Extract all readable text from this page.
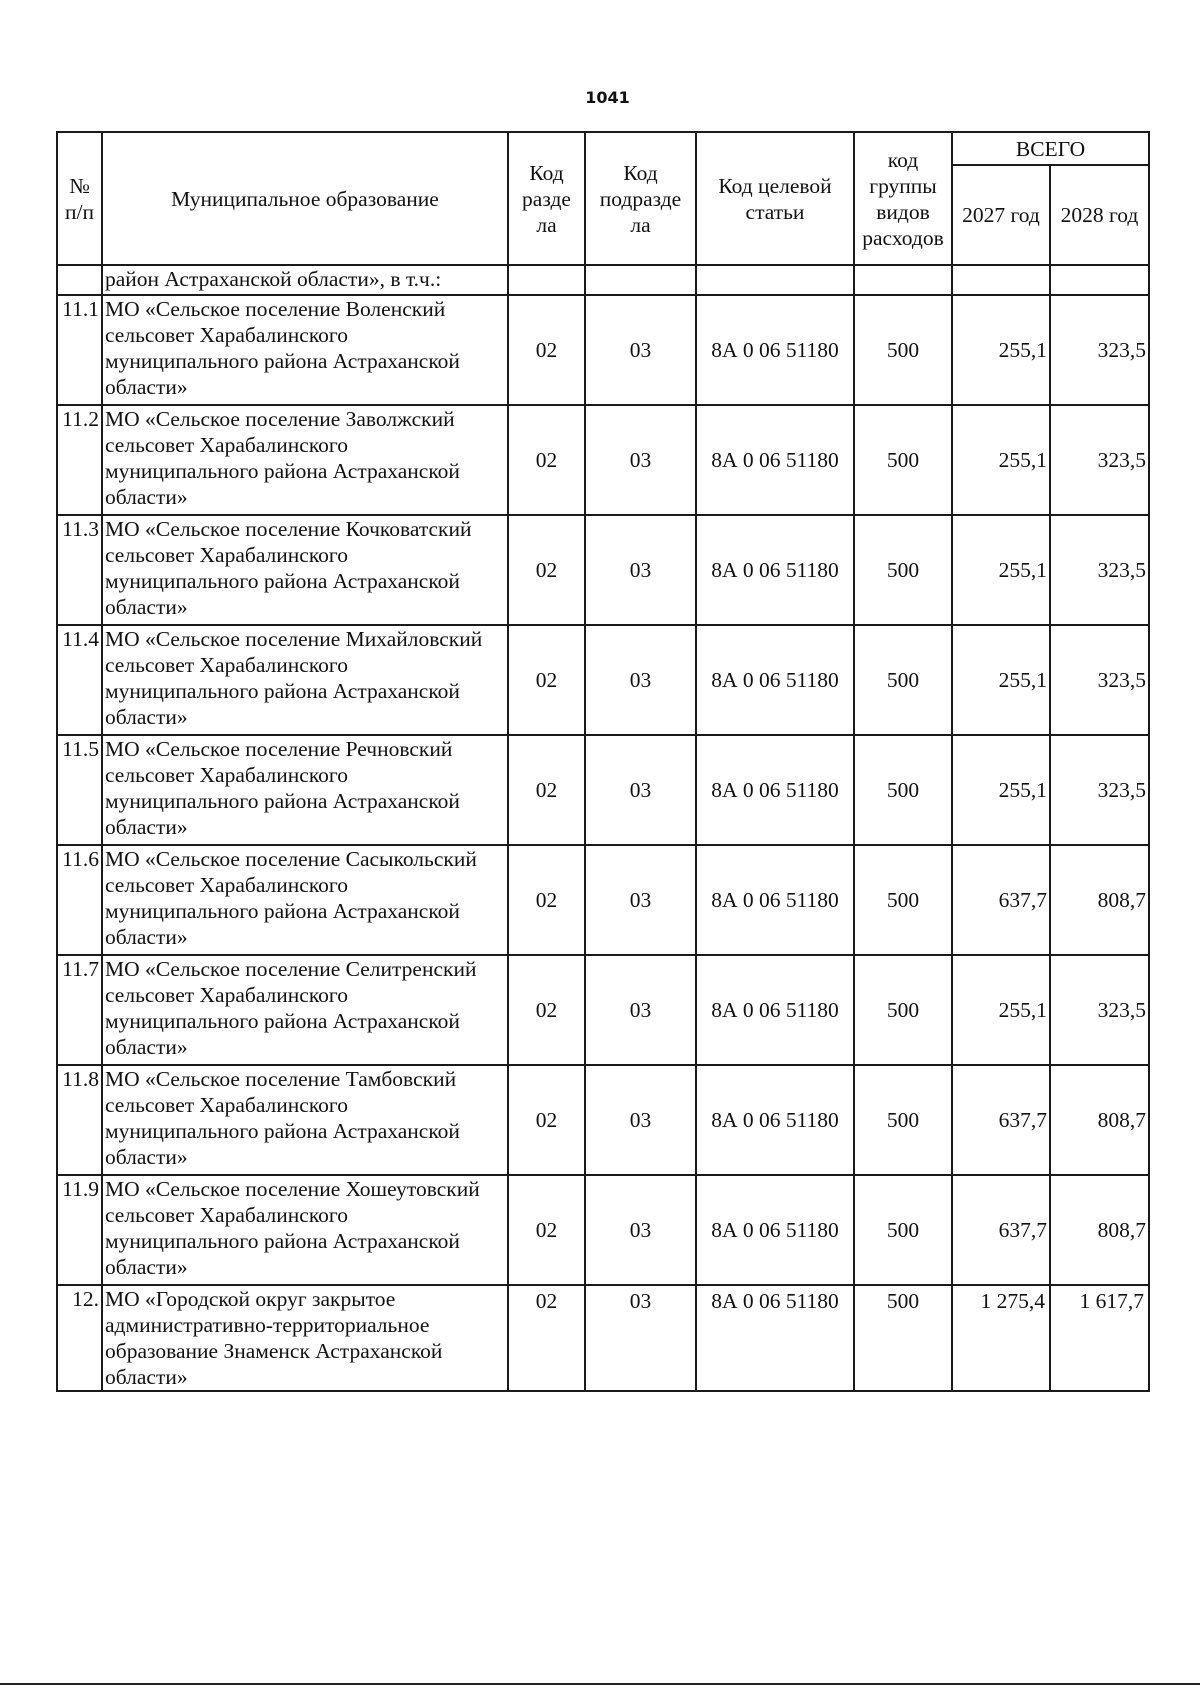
1041
№ п/п	Муниципальное образование	Код разде ла	Код подразде ла	Код целевой статьи	код группы видов расходов	ВСЕГО	
						2027 год	2028 год
	район Астраханской области», в т.ч.:						
11.1	МО «Сельское поселение Воленский сельсовет Харабалинского муниципального района Астраханской области»	02	03	8А 0 06 51180	500	255,1	323,5
11.2	МО «Сельское поселение Заволжский сельсовет Харабалинского муниципального района Астраханской области»	02	03	8А 0 06 51180	500	255,1	323,5
11.3	МО «Сельское поселение Кочковатский сельсовет Харабалинского муниципального района Астраханской области»	02	03	8А 0 06 51180	500	255,1	323,5
11.4	МО «Сельское поселение Михайловский сельсовет Харабалинского муниципального района Астраханской области»	02	03	8А 0 06 51180	500	255,1	323,5
11.5	МО «Сельское поселение Речновский сельсовет Харабалинского муниципального района Астраханской области»	02	03	8А 0 06 51180	500	255,1	323,5
11.6	МО «Сельское поселение Сасыкольский сельсовет Харабалинского муниципального района Астраханской области»	02	03	8А 0 06 51180	500	637,7	808,7
11.7	МО «Сельское поселение Селитренский сельсовет Харабалинского муниципального района Астраханской области»	02	03	8А 0 06 51180	500	255,1	323,5
11.8	МО «Сельское поселение Тамбовский сельсовет Харабалинского муниципального района Астраханской области»	02	03	8А 0 06 51180	500	637,7	808,7
11.9	МО «Сельское поселение Хошеутовский сельсовет Харабалинского муниципального района Астраханской области»	02	03	8А 0 06 51180	500	637,7	808,7
12.	МО «Городской округ закрытое административно-территориальное образование Знаменск Астраханской области»	02	03	8А 0 06 51180	500	1 275,4	1 617,7
